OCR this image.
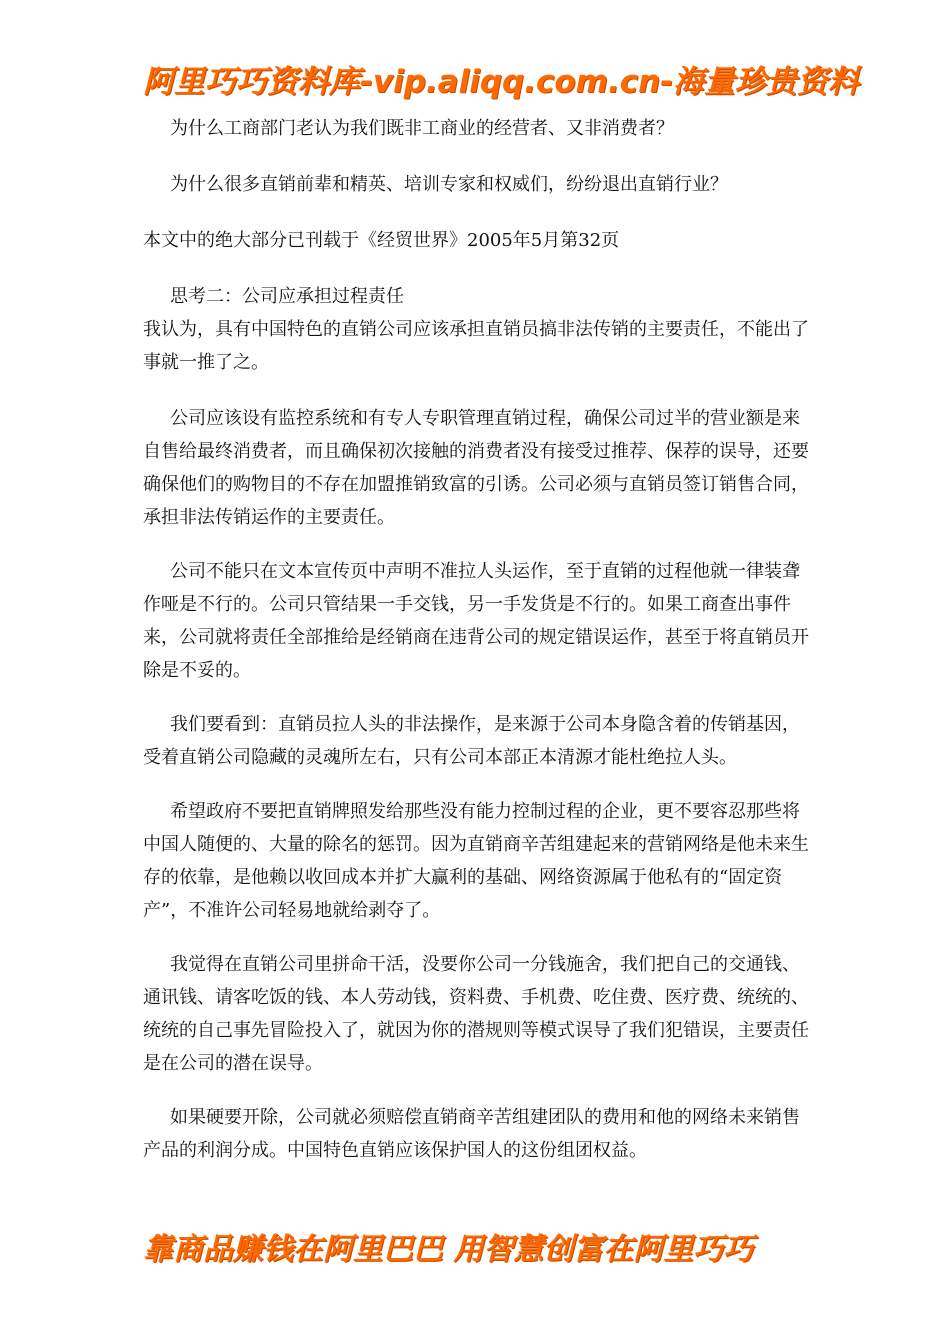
阿里巧巧资料库-vip.aliqq.com.cn-海量珍贵资料

为什么工商部门老认为我们既非工商业的经营者、又非消费者？

为什么很多直销前辈和精英、培训专家和权威们，纷纷退出直销行业？

本文中的绝大部分已刊载于《经贸世界》2005年5月第32页

思考二：公司应承担过程责任

我认为，具有中国特色的直销公司应该承担直销员搞非法传销的主要责任，不能出了事就一推了之。

公司应该设有监控系统和有专人专职管理直销过程，确保公司过半的营业额是来自售给最终消费者，而且确保初次接触的消费者没有接受过推荐、保荐的误导，还要确保他们的购物目的不存在加盟推销致富的引诱。公司必须与直销员签订销售合同，承担非法传销运作的主要责任。

公司不能只在文本宣传页中声明不准拉人头运作，至于直销的过程他就一律装聋作哑是不行的。公司只管结果一手交钱，另一手发货是不行的。如果工商查出事件来，公司就将责任全部推给是经销商在违背公司的规定错误运作，甚至于将直销员开除是不妥的。

我们要看到：直销员拉人头的非法操作，是来源于公司本身隐含着的传销基因，受着直销公司隐藏的灵魂所左右，只有公司本部正本清源才能杜绝拉人头。

希望政府不要把直销牌照发给那些没有能力控制过程的企业，更不要容忍那些将中国人随便的、大量的除名的惩罚。因为直销商辛苦组建起来的营销网络是他未来生存的依靠，是他赖以收回成本并扩大赢利的基础、网络资源属于他私有的“固定资产”，不准许公司轻易地就给剥夺了。

我觉得在直销公司里拼命干活，没要你公司一分钱施舍，我们把自己的交通钱、通讯钱、请客吃饭的钱、本人劳动钱，资料费、手机费、吃住费、医疗费、统统的、统统的自己事先冒险投入了，就因为你的潜规则等模式误导了我们犯错误，主要责任是在公司的潜在误导。

如果硬要开除，公司就必须赔偿直销商辛苦组建团队的费用和他的网络未来销售产品的利润分成。中国特色直销应该保护国人的这份组团权益。

靠商品赚钱在阿里巴巴 用智慧创富在阿里巧巧
